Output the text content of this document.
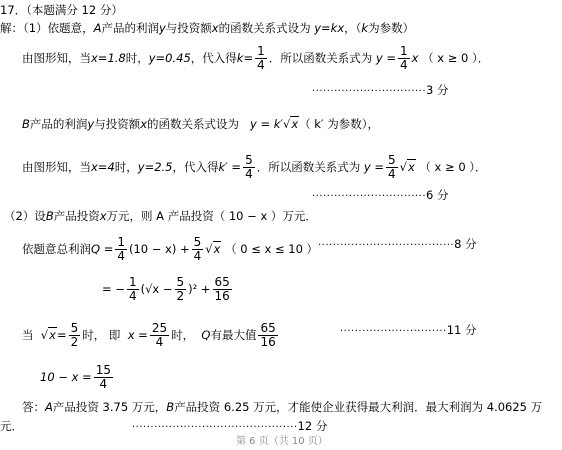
17．（本题满分 12 分）
解：（1）依题意，A产品的利润y与投资额x的函数关系式设为 y=kx，（k为参数）
由图形知，当x=1.8时，y=0.45，代入得$k= \frac{1}{4}$ ．所以函数关系式为 $y = \frac{1}{4}$ x （ x ≥ 0 ）．
·······························3 分
B产品的利润y与投资额x的函数关系式设为 y = k′√x（ k′ 为参数），
由图形知，当x=4时，y=2.5，代入得$k' = \frac{5}{4}$ ．所以函数关系式为 $y = \frac{5}{4} √x$ （ x ≥ 0 ）．
·······························6 分
（2）设B产品投资x万元，则 A 产品投资（ 10 − x ）万元．
依题意总利润$Q = \frac{1}{4} (10 - x) + \frac{5}{4} √x$ （ 0 ≤ x ≤ 10 ） ·····································8 分
= − $\frac{1}{4} (√x - \frac{5}{2} )^2 + \frac{65}{16}$
当  $√x= \frac{5}{2}$ 时， 即 $x = \frac{25}{4}$ 时， Q有最大值 $\frac{65}{16}$	·····························11 分
$10 - x = \frac{15}{4}$
答：A产品投资 3.75 万元，B产品投资 6.25 万元，才能使企业获得最大利润．最大利润为 4.0625 万
元．	·············································12 分
第 6 页（共 10 页）
